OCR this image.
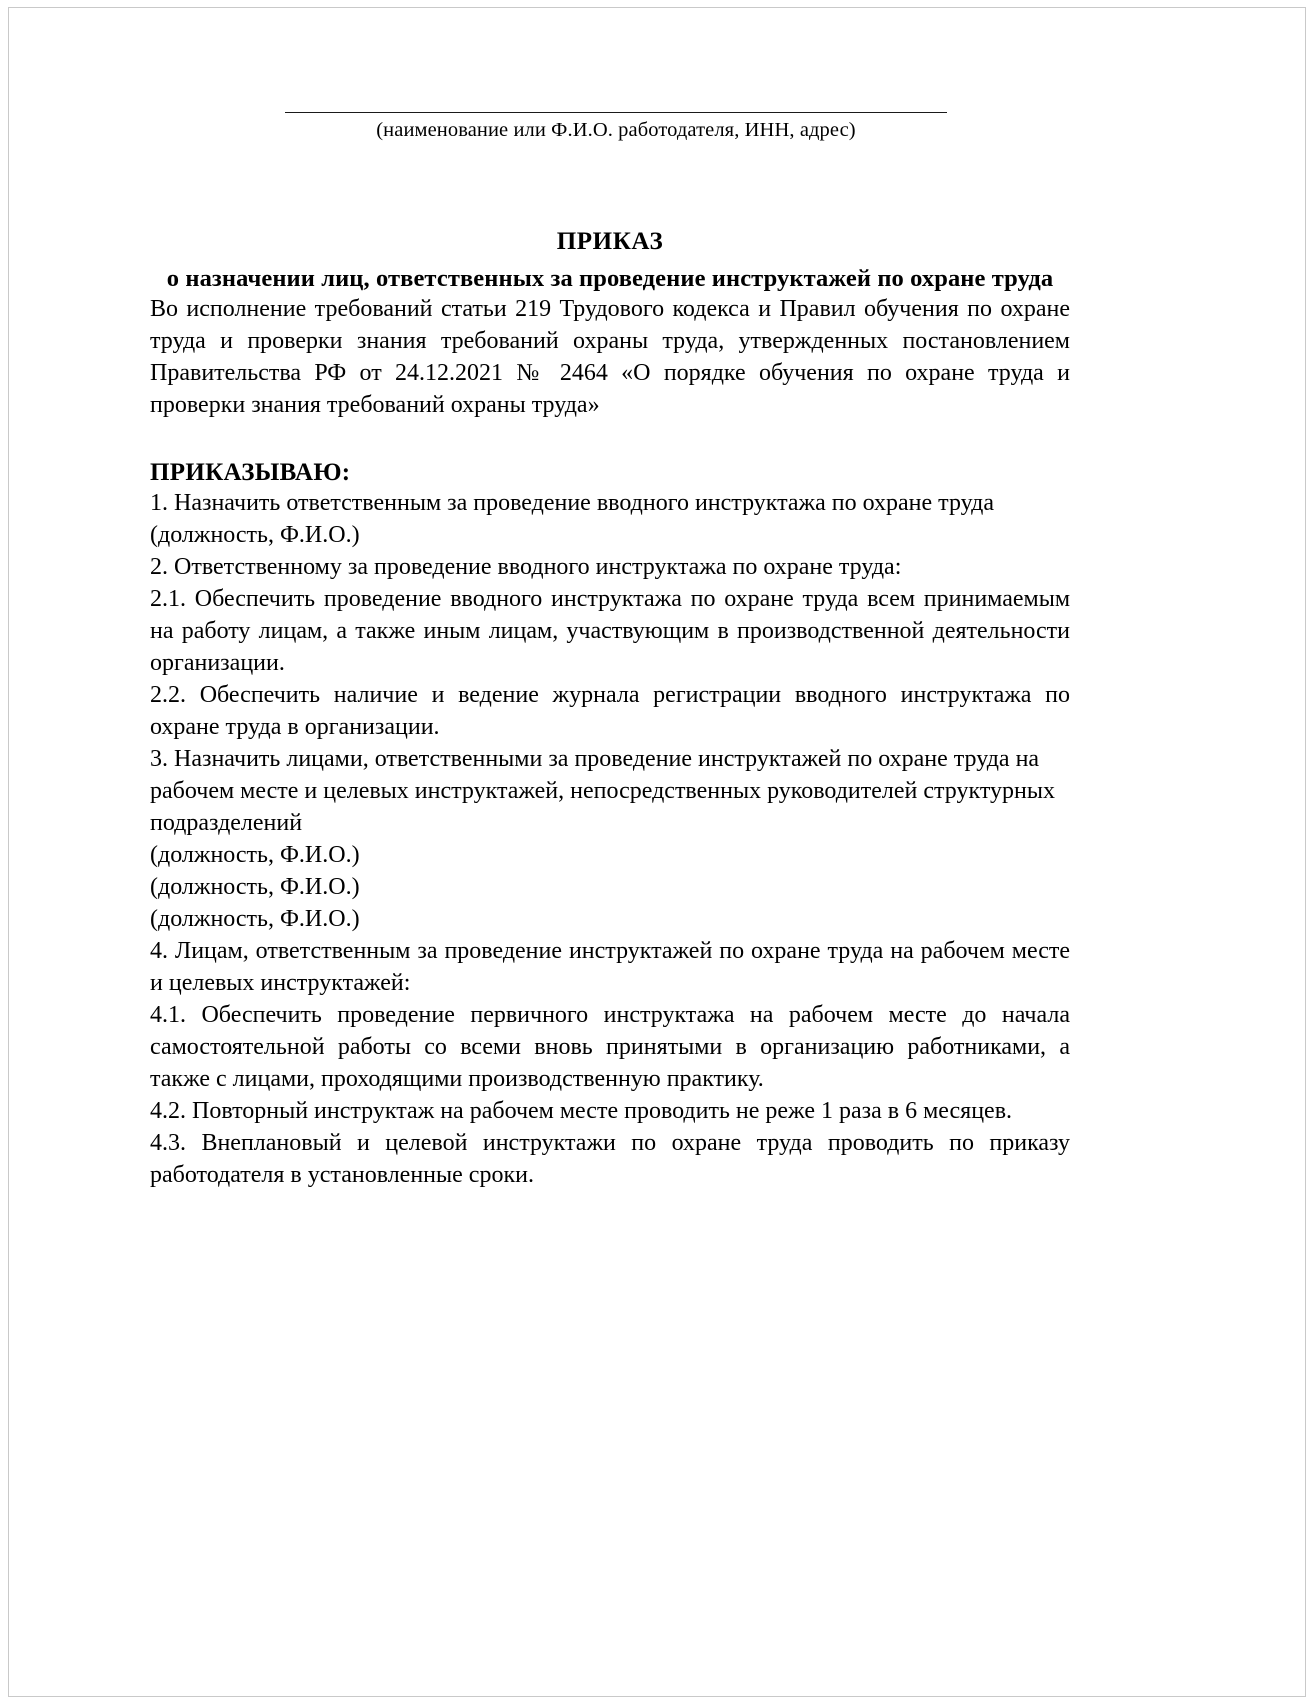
(наименование или Ф.И.О. работодателя, ИНН, адрес)
ПРИКАЗ
о назначении лиц, ответственных за проведение инструктажей по охране труда

Во исполнение требований статьи 219 Трудового кодекса и Правил обучения по охране труда и проверки знания требований охраны труда, утвержденных постановлением Правительства РФ от 24.12.2021 № 2464 «О порядке обучения по охране труда и проверки знания требований охраны труда»

ПРИКАЗЫВАЮ:

1. Назначить ответственным за проведение вводного инструктажа по охране труда

(должность, Ф.И.О.)

2. Ответственному за проведение вводного инструктажа по охране труда:

2.1. Обеспечить проведение вводного инструктажа по охране труда всем принимаемым на работу лицам, а также иным лицам, участвующим в производственной деятельности организации.

2.2. Обеспечить наличие и ведение журнала регистрации вводного инструктажа по охране труда в организации.

3. Назначить лицами, ответственными за проведение инструктажей по охране труда на рабочем месте и целевых инструктажей, непосредственных руководителей структурных подразделений

(должность, Ф.И.О.)

(должность, Ф.И.О.)

(должность, Ф.И.О.)

4. Лицам, ответственным за проведение инструктажей по охране труда на рабочем месте и целевых инструктажей:

4.1. Обеспечить проведение первичного инструктажа на рабочем месте до начала самостоятельной работы со всеми вновь принятыми в организацию работниками, а также с лицами, проходящими производственную практику.

4.2. Повторный инструктаж на рабочем месте проводить не реже 1 раза в 6 месяцев.

4.3. Внеплановый и целевой инструктажи по охране труда проводить по приказу работодателя в установленные сроки.
